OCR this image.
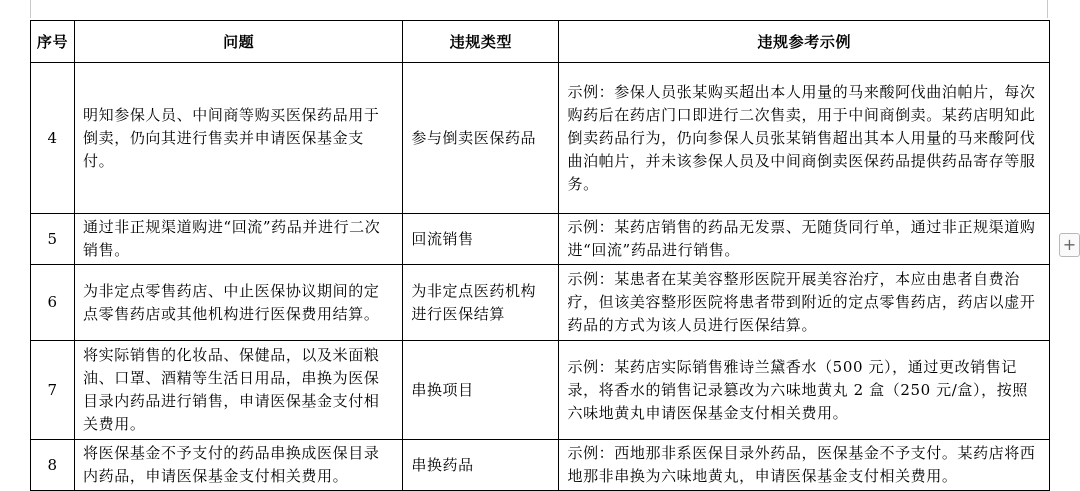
序号	问题	违规类型	违规参考示例
4	明知参保人员、中间商等购买医保药品用于倒卖，仍向其进行售卖并申请医保基金支付。	参与倒卖医保药品	示例：参保人员张某购买超出本人用量的马来酸阿伐曲泊帕片，每次购药后在药店门口即进行二次售卖，用于中间商倒卖。某药店明知此倒卖药品行为，仍向参保人员张某销售超出其本人用量的马来酸阿伐曲泊帕片，并未该参保人员及中间商倒卖医保药品提供药品寄存等服务。
5	通过非正规渠道购进“回流”药品并进行二次销售。	回流销售	示例：某药店销售的药品无发票、无随货同行单，通过非正规渠道购进“回流”药品进行销售。
6	为非定点零售药店、中止医保协议期间的定点零售药店或其他机构进行医保费用结算。	为非定点医药机构进行医保结算	示例：某患者在某美容整形医院开展美容治疗，本应由患者自费治疗，但该美容整形医院将患者带到附近的定点零售药店，药店以虚开药品的方式为该人员进行医保结算。
7	将实际销售的化妆品、保健品，以及米面粮油、口罩、酒精等生活日用品，串换为医保目录内药品进行销售，申请医保基金支付相关费用。	串换项目	示例：某药店实际销售雅诗兰黛香水（500 元），通过更改销售记录，将香水的销售记录篡改为六味地黄丸 2 盒（250 元/盒），按照六味地黄丸申请医保基金支付相关费用。
8	将医保基金不予支付的药品串换成医保目录内药品，申请医保基金支付相关费用。	串换药品	示例：西地那非系医保目录外药品，医保基金不予支付。某药店将西地那非串换为六味地黄丸，申请医保基金支付相关费用。
+
